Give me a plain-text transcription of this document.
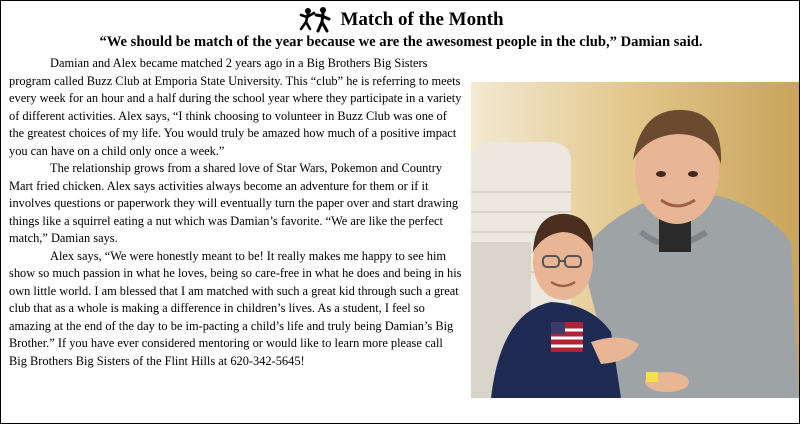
Match of the Month
“We should be match of the year because we are the awesomest people in the club,” Damian said.

Damian and Alex became matched 2 years ago in a Big Brothers Big Sisters program called Buzz Club at Emporia State University. This “club” he is referring to meets every week for an hour and a half during the school year where they participate in a variety of different activities. Alex says, “I think choosing to volunteer in Buzz Club was one of the greatest choices of my life. You would truly be amazed how much of a positive impact you can have on a child only once a week.”

The relationship grows from a shared love of Star Wars, Pokemon and Country Mart fried chicken. Alex says activities always become an adventure for them or if it involves questions or paperwork they will eventually turn the paper over and start drawing things like a squirrel eating a nut which was Damian’s favorite. “We are like the perfect match,” Damian says.

Alex says, “We were honestly meant to be! It really makes me happy to see him show so much passion in what he loves, being so care-free in what he does and being in his own little world. I am blessed that I am matched with such a great kid through such a great club that as a whole is making a difference in children’s lives. As a student, I feel so amazing at the end of the day to be im-pacting a child’s life and truly being Damian’s Big Brother.” If you have ever considered mentoring or would like to learn more please call Big Brothers Big Sisters of the Flint Hills at 620-342-5645!
